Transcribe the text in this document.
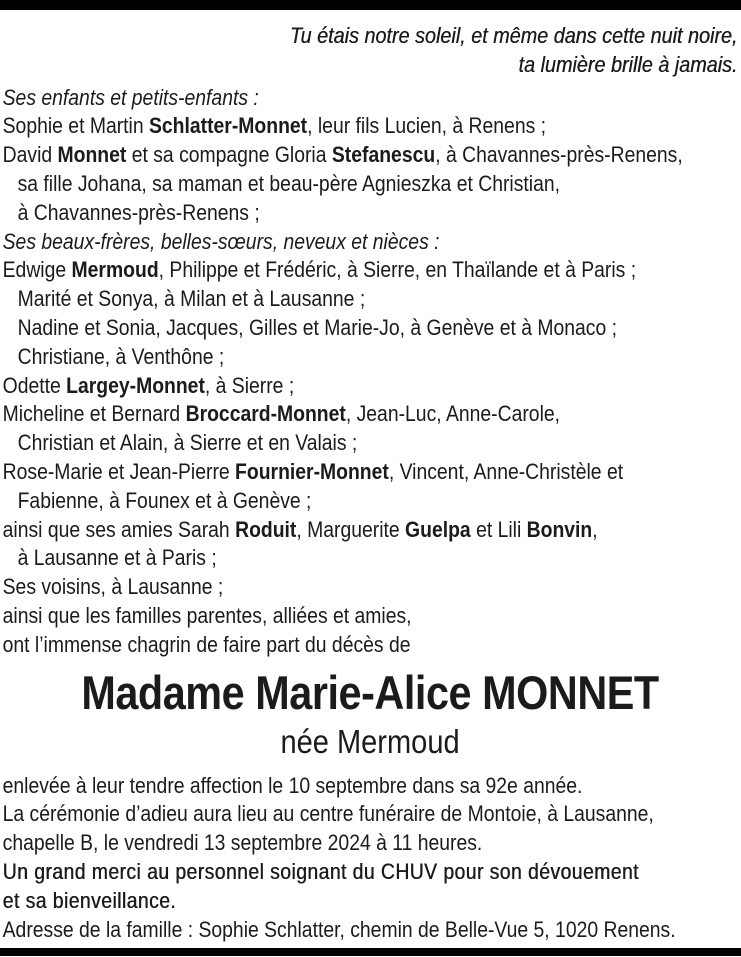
Tu étais notre soleil, et même dans cette nuit noire,
ta lumière brille à jamais.
Ses enfants et petits-enfants :
Sophie et Martin Schlatter-Monnet, leur fils Lucien, à Renens ;
David Monnet et sa compagne Gloria Stefanescu, à Chavannes-près-Renens,
sa fille Johana, sa maman et beau-père Agnieszka et Christian,
à Chavannes-près-Renens ;
Ses beaux-frères, belles-sœurs, neveux et nièces :
Edwige Mermoud, Philippe et Frédéric, à Sierre, en Thaïlande et à Paris ;
Marité et Sonya, à Milan et à Lausanne ;
Nadine et Sonia, Jacques, Gilles et Marie-Jo, à Genève et à Monaco ;
Christiane, à Venthône ;
Odette Largey-Monnet, à Sierre ;
Micheline et Bernard Broccard-Monnet, Jean-Luc, Anne-Carole,
Christian et Alain, à Sierre et en Valais ;
Rose-Marie et Jean-Pierre Fournier-Monnet, Vincent, Anne-Christèle et
Fabienne, à Founex et à Genève ;
ainsi que ses amies Sarah Roduit, Marguerite Guelpa et Lili Bonvin,
à Lausanne et à Paris ;
Ses voisins, à Lausanne ;
ainsi que les familles parentes, alliées et amies,
ont l’immense chagrin de faire part du décès de
Madame Marie-Alice MONNET
née Mermoud
enlevée à leur tendre affection le 10 septembre dans sa 92e année.
La cérémonie d’adieu aura lieu au centre funéraire de Montoie, à Lausanne,
chapelle B, le vendredi 13 septembre 2024 à 11 heures.
Un grand merci au personnel soignant du CHUV pour son dévouement
et sa bienveillance.
Adresse de la famille : Sophie Schlatter, chemin de Belle-Vue 5, 1020 Renens.
